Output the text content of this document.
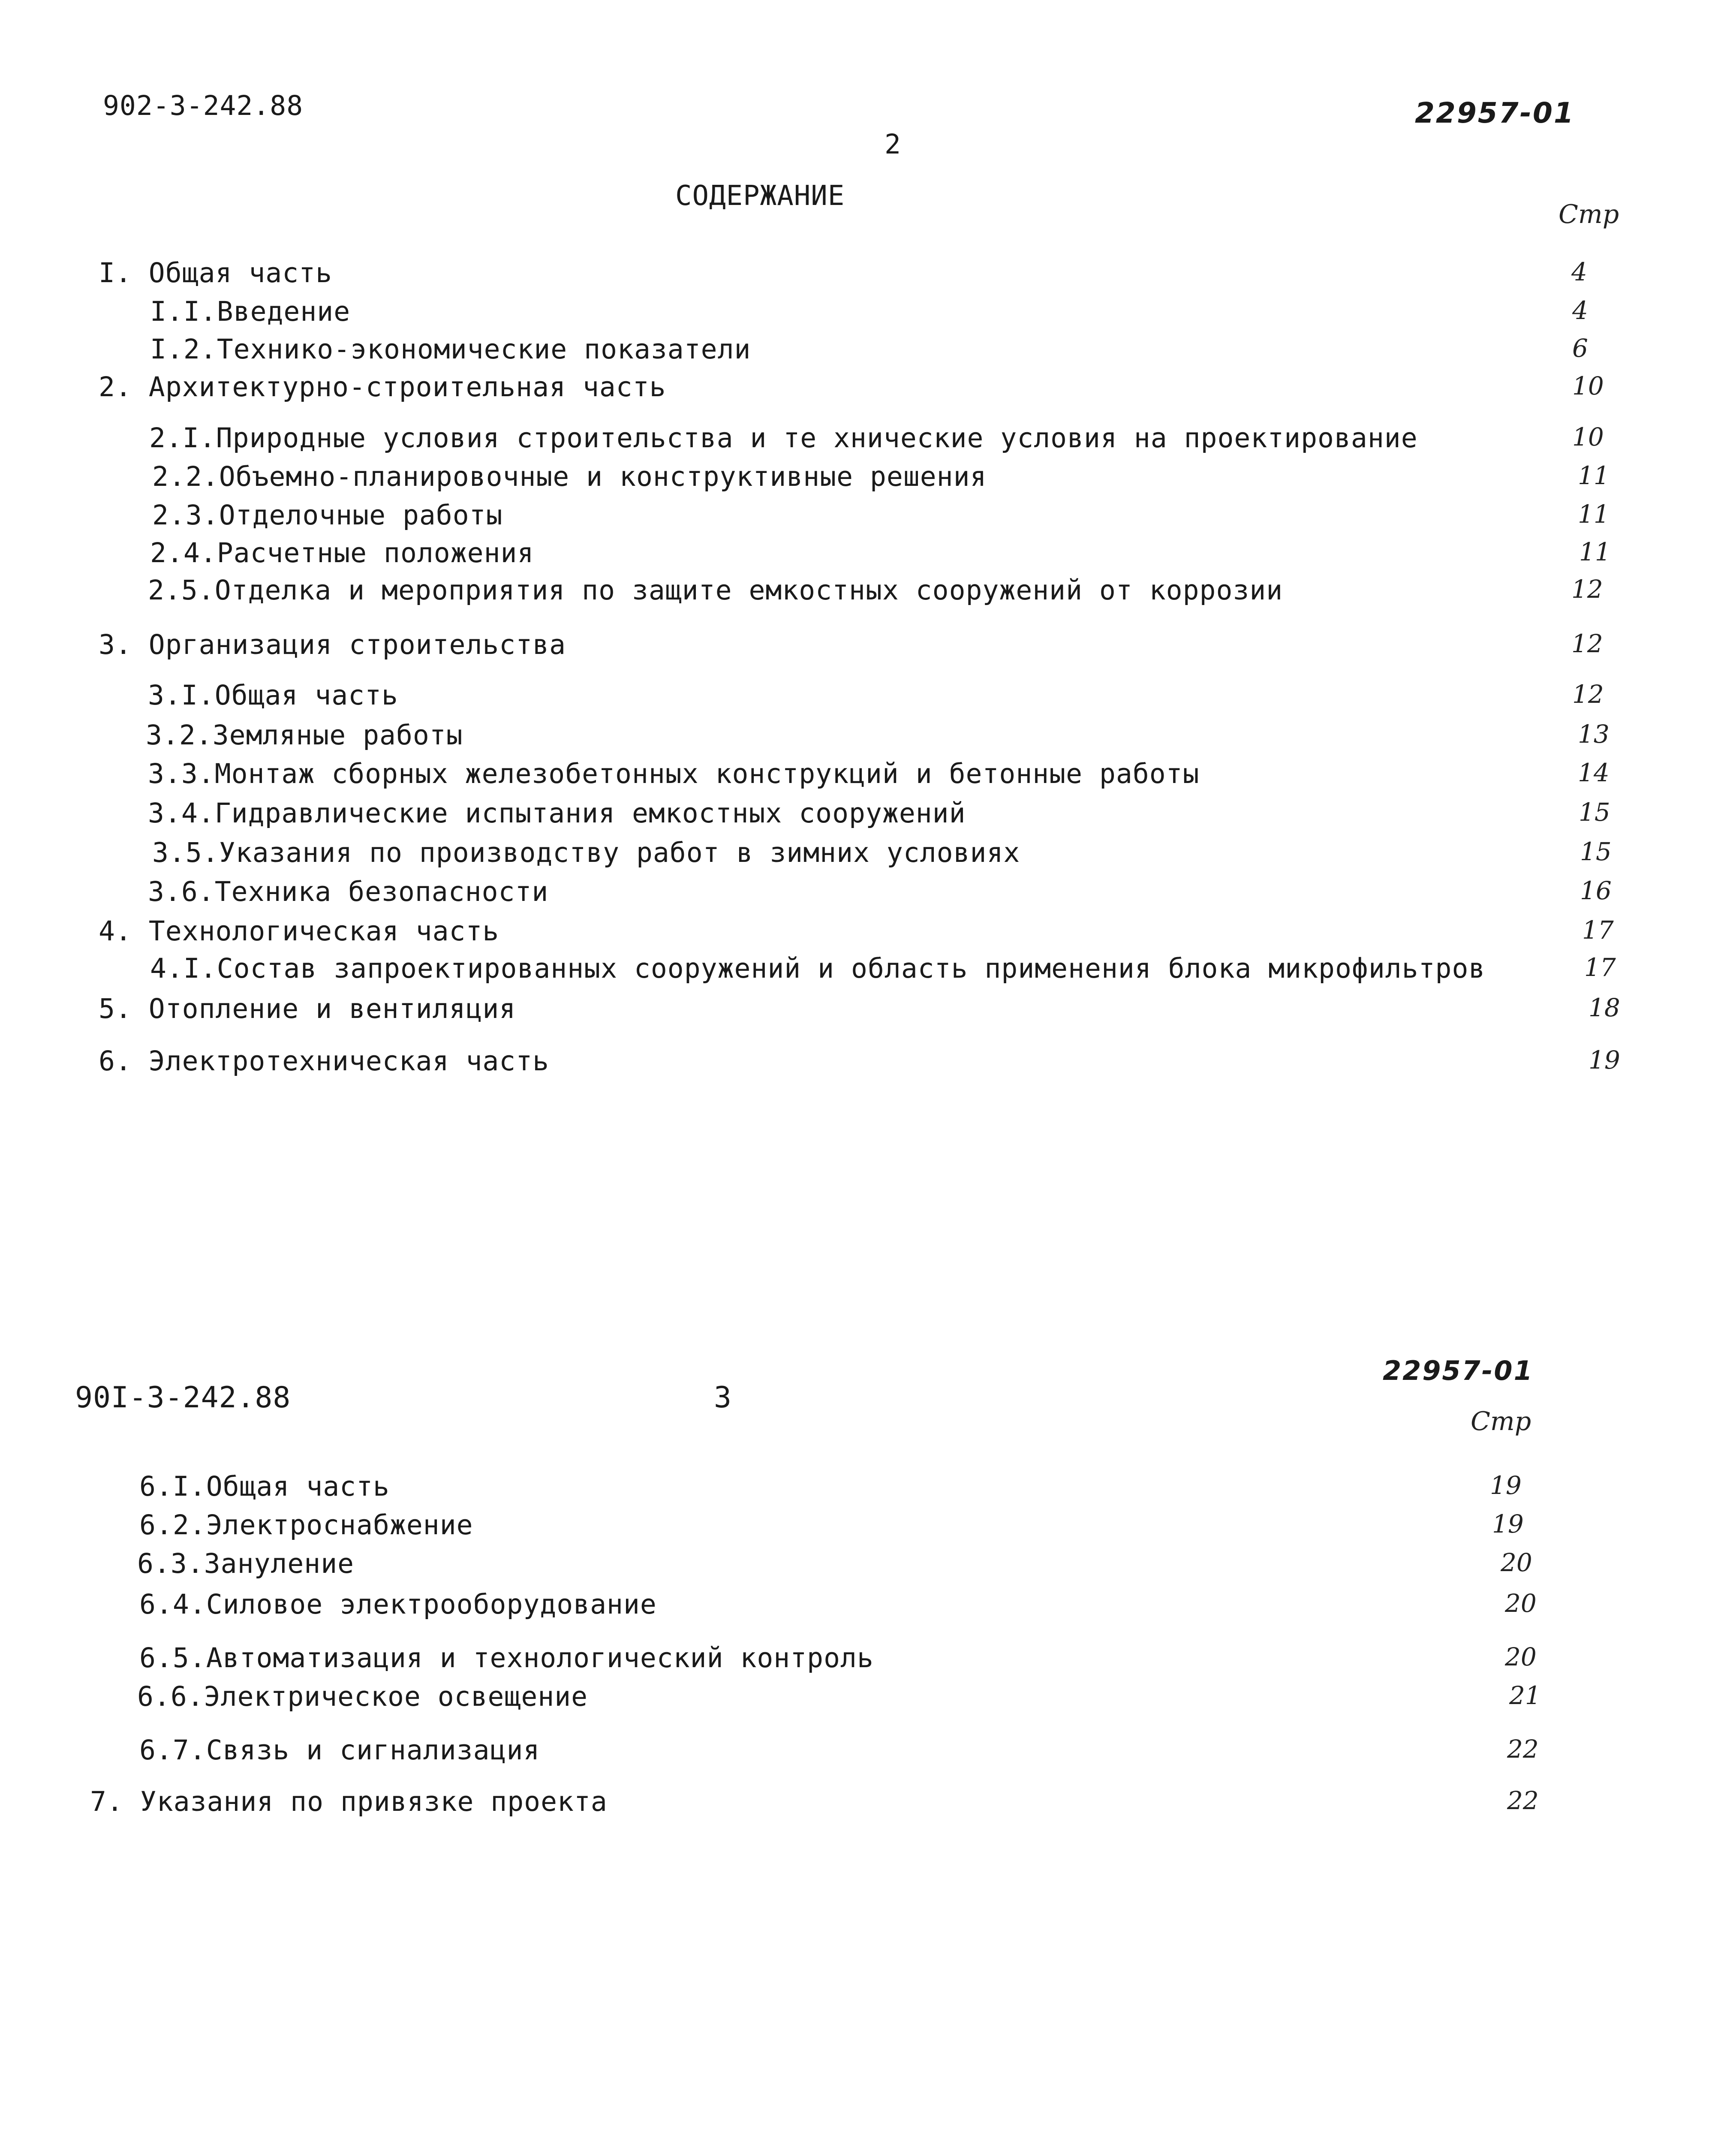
902-3-242.88	22957-01
2
СОДЕРЖАНИЕ
Стр
I. Общая часть	4
I.I.Введение	4
I.2.Технико-экономические показатели	6
2. Архитектурно-строительная часть	10
2.I.Природные условия строительства и те хнические условия на проектирование	10
2.2.Объемно-планировочные и конструктивные решения	11
2.3.Отделочные работы	11
2.4.Расчетные положения	11
2.5.Отделка и мероприятия по защите емкостных сооружений от коррозии	12
3. Организация строительства	12
3.I.Общая часть	12
3.2.Земляные работы	13
3.3.Монтаж сборных железобетонных конструкций и бетонные работы	14
3.4.Гидравлические испытания емкостных сооружений	15
3.5.Указания по производству работ в зимних условиях	15
3.6.Техника безопасности	16
4. Технологическая часть	17
4.I.Состав запроектированных сооружений и область применения блока микрофильтров	17
5. Отопление и вентиляция	18
6. Электротехническая часть	19
90I-3-242.88
22957-01
3
Стр
6.I.Общая часть	19
6.2.Электроснабжение	19
6.3.Зануление	20
6.4.Силовое электрооборудование	20
6.5.Автоматизация и технологический контроль	20
6.6.Электрическое освещение	21
6.7.Связь и сигнализация	22
7. Указания по привязке проекта	22
